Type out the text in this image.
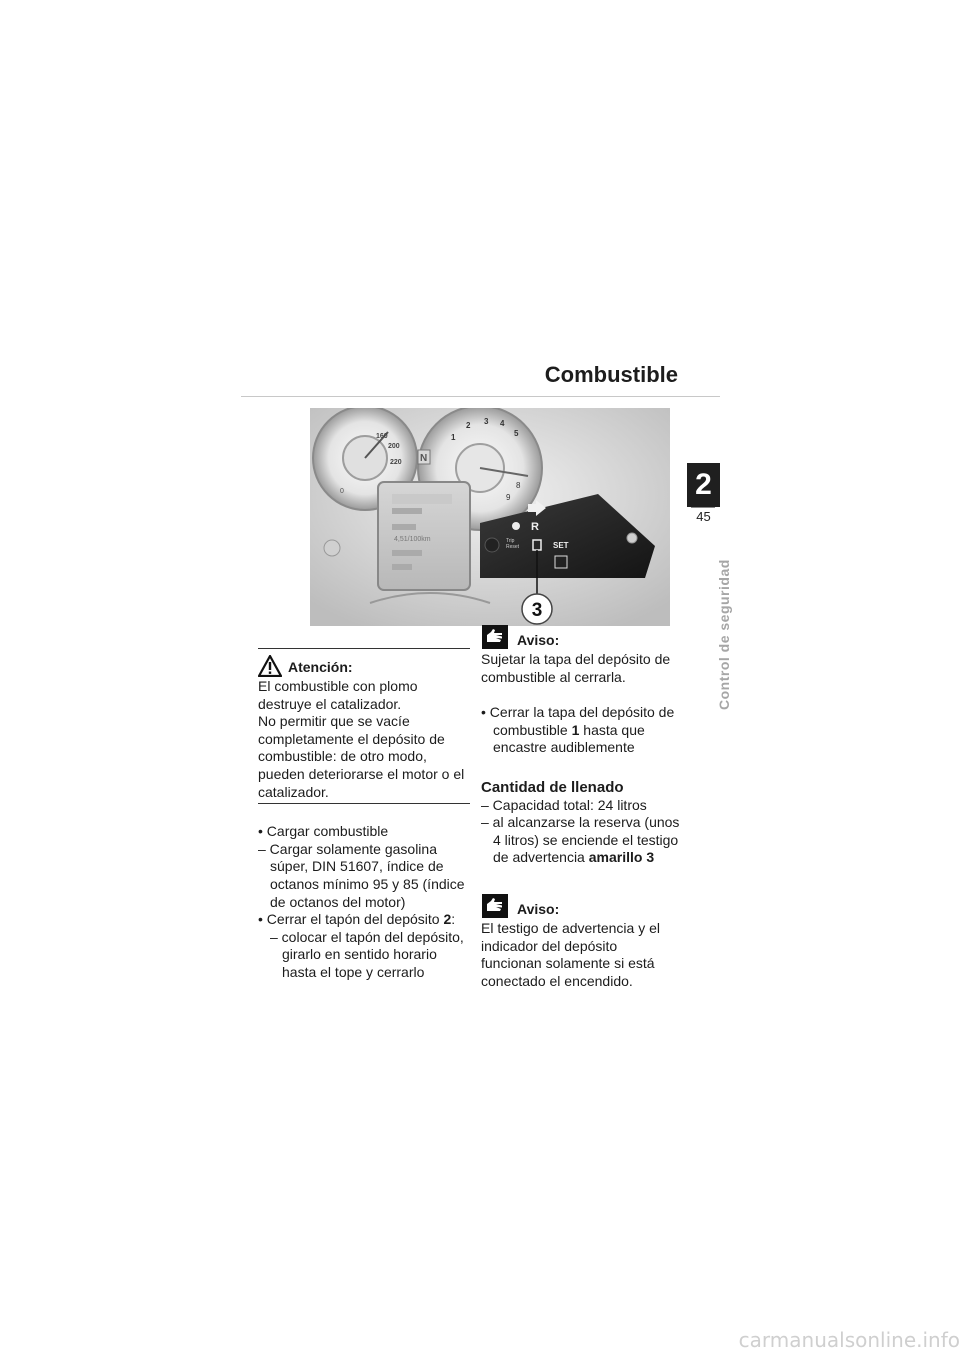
Combustible
2
45
Control de seguridad
160
200
220
0
1
2 3 4
5
8
9
N
4,51/100km	Trip
Reset
R
SET
3
Atención:

El combustible con plomo destruye el catalizador.

No permitir que se vacíe completamente el depósito de combustible: de otro modo, pueden deteriorarse el motor o el catalizador.

• Cargar combustible

– Cargar solamente gasolina súper, DIN 51607, índice de octanos mínimo 95 y 85 (índice de octanos del motor)

• Cerrar el tapón del depósito 2:

– colocar el tapón del depósito, girarlo en sentido horario hasta el tope y cerrarlo

Aviso:

Sujetar la tapa del depósito de combustible al cerrarla.

• Cerrar la tapa del depósito de combustible 1 hasta que encastre audiblemente

Cantidad de llenado

– Capacidad total: 24 litros

– al alcanzarse la reserva (unos 4 litros) se enciende el testigo de advertencia amarillo 3

Aviso:

El testigo de advertencia y el indicador del depósito funcionan solamente si está conectado el encendido.

carmanualsonline.info
